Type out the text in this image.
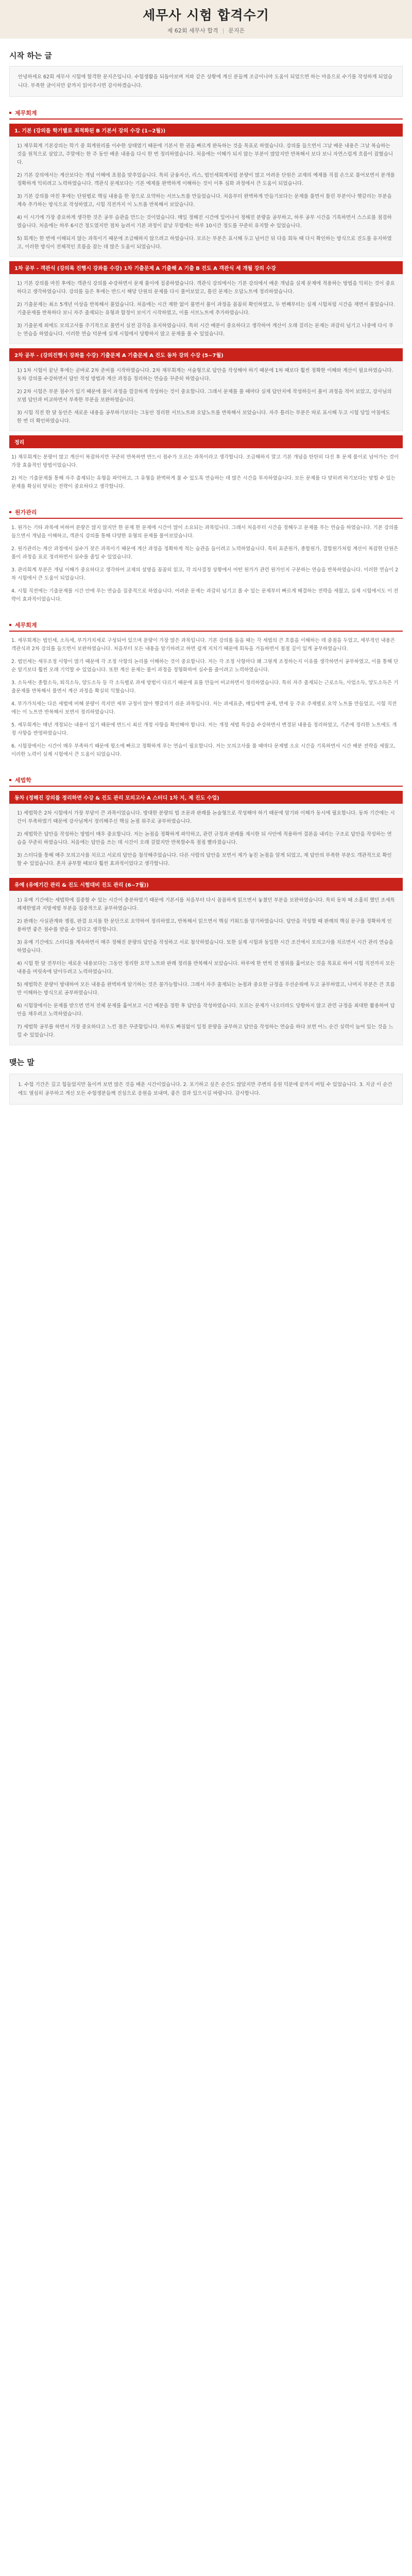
세무사 시험 합격수기
제 62회 세무사 합격 | 문지은
시작 하는 글

안녕하세요 62회 세무사 시험에 합격한 문지은입니다. 수험생활을 되돌아보며 저와 같은 상황에 계신 분들께 조금이나마 도움이 되었으면 하는 마음으로 수기를 작성하게 되었습니다. 부족한 글이지만 끝까지 읽어주시면 감사하겠습니다.

제무회계
1. 기본 (강의를 학기별로 최적화된 B 기본서 강의 수강 (1~2월))

1) 재무회계 기본강의는 학기 중 회계원리를 이수한 상태였기 때문에 기본서 한 권을 빠르게 완독하는 것을 목표로 하였습니다. 강의를 들으면서 그날 배운 내용은 그날 복습하는 것을 원칙으로 삼았고, 주말에는 한 주 동안 배운 내용을 다시 한 번 정리하였습니다. 처음에는 이해가 되지 않는 부분이 많았지만 반복해서 보다 보니 자연스럽게 흐름이 잡혔습니다.

2) 기본 강의에서는 계산보다는 개념 이해에 초점을 맞추었습니다. 특히 금융자산, 리스, 법인세회계처럼 분량이 많고 어려운 단원은 교재의 예제를 직접 손으로 풀어보면서 분개를 정확하게 익히려고 노력하였습니다. 객관식 문제보다는 기본 예제를 완벽하게 이해하는 것이 이후 심화 과정에서 큰 도움이 되었습니다.

3) 기본 강의를 마친 후에는 단원별로 핵심 내용을 한 장으로 요약하는 서브노트를 만들었습니다. 처음부터 완벽하게 만들기보다는 문제를 풀면서 틀린 부분이나 헷갈리는 부분을 계속 추가하는 방식으로 작성하였고, 시험 직전까지 이 노트를 반복해서 보았습니다.

4) 이 시기에 가장 중요하게 생각한 것은 공부 습관을 만드는 것이었습니다. 매일 정해진 시간에 일어나서 정해진 분량을 공부하고, 하루 공부 시간을 기록하면서 스스로를 점검하였습니다. 처음에는 하루 6시간 정도였지만 점차 늘려서 기본 과정이 끝날 무렵에는 하루 10시간 정도를 꾸준히 유지할 수 있었습니다.

5) 회계는 한 번에 이해되지 않는 과목이기 때문에 조급해하지 않으려고 하였습니다. 모르는 부분은 표시해 두고 넘어간 뒤 다음 회독 때 다시 확인하는 방식으로 진도를 유지하였고, 이러한 방식이 전체적인 흐름을 잡는 데 많은 도움이 되었습니다.

1차 공부 - 객관식 (강의록 진행시 강좌를 수강) 1차 기출문제 A 기출해 A 기출 B 진도 A 객관식 세 개월 강의 수강

1) 기본 강의를 마친 후에는 객관식 강의를 수강하면서 문제 풀이에 집중하였습니다. 객관식 강의에서는 기본 강의에서 배운 개념을 실제 문제에 적용하는 방법을 익히는 것이 중요하다고 생각하였습니다. 강의를 들은 후에는 반드시 해당 단원의 문제를 다시 풀어보았고, 틀린 문제는 오답노트에 정리하였습니다.

2) 기출문제는 최소 5개년 이상을 반복해서 풀었습니다. 처음에는 시간 제한 없이 풀면서 풀이 과정을 꼼꼼히 확인하였고, 두 번째부터는 실제 시험처럼 시간을 재면서 풀었습니다. 기출문제를 반복하다 보니 자주 출제되는 유형과 함정이 보이기 시작하였고, 이를 서브노트에 추가하였습니다.

3) 기출문제 외에도 모의고사를 주기적으로 풀면서 실전 감각을 유지하였습니다. 특히 시간 배분이 중요하다고 생각하여 계산이 오래 걸리는 문제는 과감히 넘기고 나중에 다시 푸는 연습을 하였습니다. 이러한 연습 덕분에 실제 시험에서 당황하지 않고 문제를 풀 수 있었습니다.

2차 공부 - (강의진행시 강좌를 수강) 기출문제 A 기출문제 A 진도 동차 강의 수강 (5~7월)

1) 1차 시험이 끝난 후에는 곧바로 2차 준비를 시작하였습니다. 2차 재무회계는 서술형으로 답안을 작성해야 하기 때문에 1차 때보다 훨씬 정확한 이해와 계산이 필요하였습니다. 동차 강의를 수강하면서 답안 작성 방법과 계산 과정을 정리하는 연습을 꾸준히 하였습니다.

2) 2차 시험은 부분 점수가 있기 때문에 풀이 과정을 깔끔하게 작성하는 것이 중요합니다. 그래서 문제를 풀 때마다 실제 답안지에 작성하듯이 풀이 과정을 적어 보았고, 강사님의 모범 답안과 비교하면서 부족한 부분을 보완하였습니다.

3) 시험 직전 한 달 동안은 새로운 내용을 공부하기보다는 그동안 정리한 서브노트와 오답노트를 반복해서 보았습니다. 자주 틀리는 부분은 따로 표시해 두고 시험 당일 아침에도 한 번 더 확인하였습니다.

정리

1) 재무회계는 분량이 많고 계산이 복잡하지만 꾸준히 반복하면 반드시 점수가 오르는 과목이라고 생각합니다. 조급해하지 말고 기본 개념을 탄탄히 다진 후 문제 풀이로 넘어가는 것이 가장 효율적인 방법이었습니다.

2) 저는 기출문제를 통해 자주 출제되는 유형을 파악하고, 그 유형을 완벽하게 풀 수 있도록 연습하는 데 많은 시간을 투자하였습니다. 모든 문제를 다 맞히려 하기보다는 맞힐 수 있는 문제를 확실히 맞히는 전략이 중요하다고 생각합니다.

원가관리

1. 원가는 기타 과목에 비하여 분량은 많지 않지만 한 문제 한 문제에 시간이 많이 소요되는 과목입니다. 그래서 처음부터 시간을 정해두고 문제를 푸는 연습을 하였습니다. 기본 강의를 들으면서 개념을 이해하고, 객관식 강의를 통해 다양한 유형의 문제를 풀어보았습니다.

2. 원가관리는 계산 과정에서 실수가 잦은 과목이기 때문에 계산 과정을 정확하게 적는 습관을 들이려고 노력하였습니다. 특히 표준원가, 종합원가, 결합원가처럼 계산이 복잡한 단원은 풀이 과정을 표로 정리하면서 실수를 줄일 수 있었습니다.

3. 관리회계 부분은 개념 이해가 중요하다고 생각하여 교재의 설명을 꼼꼼히 읽고, 각 의사결정 상황에서 어떤 원가가 관련 원가인지 구분하는 연습을 반복하였습니다. 이러한 연습이 2차 시험에서 큰 도움이 되었습니다.

4. 시험 직전에는 기출문제를 시간 안에 푸는 연습을 집중적으로 하였습니다. 어려운 문제는 과감히 넘기고 풀 수 있는 문제부터 빠르게 해결하는 전략을 세웠고, 실제 시험에서도 이 전략이 효과적이었습니다.

세무회계

1. 세무회계는 법인세, 소득세, 부가가치세로 구성되어 있으며 분량이 가장 많은 과목입니다. 기본 강의를 들을 때는 각 세법의 큰 흐름을 이해하는 데 중점을 두었고, 세부적인 내용은 객관식과 2차 강의를 들으면서 보완하였습니다. 처음부터 모든 내용을 암기하려고 하면 쉽게 지치기 때문에 회독을 거듭하면서 점점 깊이 있게 공부하였습니다.

2. 법인세는 세무조정 사항이 많기 때문에 각 조정 사항의 논리를 이해하는 것이 중요합니다. 저는 각 조정 사항마다 왜 그렇게 조정하는지 이유를 생각하면서 공부하였고, 이를 통해 단순 암기보다 훨씬 오래 기억할 수 있었습니다. 또한 계산 문제는 풀이 과정을 정형화하여 실수를 줄이려고 노력하였습니다.

3. 소득세는 종합소득, 퇴직소득, 양도소득 등 각 소득별로 과세 방법이 다르기 때문에 표를 만들어 비교하면서 정리하였습니다. 특히 자주 출제되는 근로소득, 사업소득, 양도소득은 기출문제를 반복해서 풀면서 계산 과정을 확실히 익혔습니다.

4. 부가가치세는 다른 세법에 비해 분량이 적지만 세부 규정이 많아 헷갈리기 쉬운 과목입니다. 저는 과세표준, 매입세액 공제, 면세 등 주요 주제별로 요약 노트를 만들었고, 시험 직전에는 이 노트만 반복해서 보면서 정리하였습니다.

5. 세무회계는 매년 개정되는 내용이 있기 때문에 반드시 최신 개정 사항을 확인해야 합니다. 저는 개정 세법 특강을 수강하면서 변경된 내용을 정리하였고, 기존에 정리한 노트에도 개정 사항을 반영하였습니다.

6. 시험장에서는 시간이 매우 부족하기 때문에 평소에 빠르고 정확하게 푸는 연습이 필요합니다. 저는 모의고사를 풀 때마다 문제별 소요 시간을 기록하면서 시간 배분 전략을 세웠고, 이러한 노력이 실제 시험에서 큰 도움이 되었습니다.

세법학
동차 (정해진 강의를 정리하면 수강 & 진도 관리 모의고사 A 스터디 1차 지, 제 진도 수업)

1) 세법학은 2차 시험에서 가장 부담이 큰 과목이었습니다. 방대한 분량의 법 조문과 판례를 논술형으로 작성해야 하기 때문에 암기와 이해가 동시에 필요합니다. 동차 기간에는 시간이 부족하였기 때문에 강사님께서 정리해주신 핵심 논점 위주로 공부하였습니다.

2) 세법학은 답안을 작성하는 방법이 매우 중요합니다. 저는 논점을 정확하게 파악하고, 관련 규정과 판례를 제시한 뒤 사안에 적용하여 결론을 내리는 구조로 답안을 작성하는 연습을 꾸준히 하였습니다. 처음에는 답안을 쓰는 데 시간이 오래 걸렸지만 반복할수록 점점 빨라졌습니다.

3) 스터디를 통해 매주 모의고사를 치르고 서로의 답안을 첨삭해주었습니다. 다른 사람의 답안을 보면서 제가 놓친 논점을 알게 되었고, 제 답안의 부족한 부분도 객관적으로 확인할 수 있었습니다. 혼자 공부할 때보다 훨씬 효과적이었다고 생각합니다.

유예 (유예기간 관리 & 진도 시험대비 진도 관리 (6~7월))

1) 유예 기간에는 세법학에 집중할 수 있는 시간이 충분하였기 때문에 기본서를 처음부터 다시 꼼꼼하게 읽으면서 놓쳤던 부분을 보완하였습니다. 특히 동차 때 소홀히 했던 조세특례제한법과 지방세법 부분을 집중적으로 공부하였습니다.

2) 판례는 사실관계와 쟁점, 판결 요지를 한 문단으로 요약하여 정리하였고, 반복해서 읽으면서 핵심 키워드를 암기하였습니다. 답안을 작성할 때 판례의 핵심 문구를 정확하게 인용하면 좋은 점수를 받을 수 있다고 생각합니다.

3) 유예 기간에도 스터디를 계속하면서 매주 정해진 분량의 답안을 작성하고 서로 첨삭하였습니다. 또한 실제 시험과 동일한 시간 조건에서 모의고사를 치르면서 시간 관리 연습을 하였습니다.

4) 시험 한 달 전부터는 새로운 내용보다는 그동안 정리한 요약 노트와 판례 정리를 반복해서 보았습니다. 하루에 한 번씩 전 범위를 훑어보는 것을 목표로 하여 시험 직전까지 모든 내용을 머릿속에 담아두려고 노력하였습니다.

5) 세법학은 분량이 방대하여 모든 내용을 완벽하게 암기하는 것은 불가능합니다. 그래서 자주 출제되는 논점과 중요한 규정을 우선순위에 두고 공부하였고, 나머지 부분은 큰 흐름만 이해하는 방식으로 공부하였습니다.

6) 시험장에서는 문제를 받으면 먼저 전체 문제를 훑어보고 시간 배분을 정한 후 답안을 작성하였습니다. 모르는 문제가 나오더라도 당황하지 않고 관련 규정을 최대한 활용하여 답안을 채우려고 노력하였습니다.

7) 세법학 공부를 하면서 가장 중요하다고 느낀 점은 꾸준함입니다. 하루도 빠짐없이 일정 분량을 공부하고 답안을 작성하는 연습을 하다 보면 어느 순간 실력이 늘어 있는 것을 느낄 수 있었습니다.

맺는 말

1. 수험 기간은 길고 힘들었지만 돌이켜 보면 많은 것을 배운 시간이었습니다. 2. 포기하고 싶은 순간도 많았지만 주변의 응원 덕분에 끝까지 버틸 수 있었습니다. 3. 지금 이 순간에도 열심히 공부하고 계신 모든 수험생분들께 진심으로 응원을 보내며, 좋은 결과 있으시길 바랍니다. 감사합니다.
